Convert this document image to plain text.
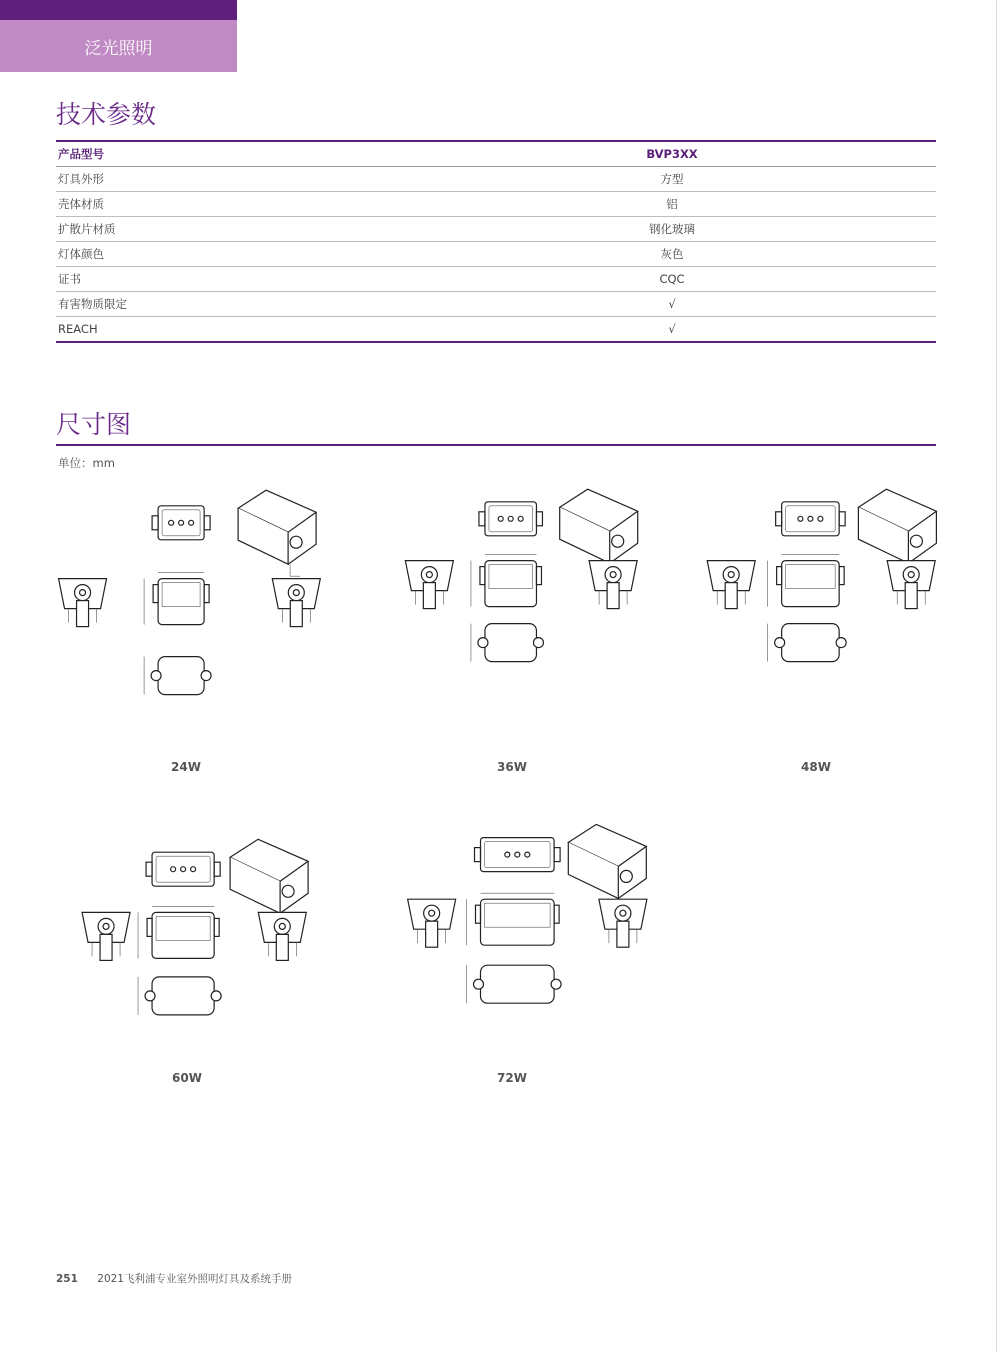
泛光照明
技术参数
产品型号	BVP3XX
灯具外形	方型
壳体材质	铝
扩散片材质	钢化玻璃
灯体颜色	灰色
证书	CQC
有害物质限定	√
REACH	√
尺寸图
单位：mm
24W	36W	48W
60W	72W
251 2021飞利浦专业室外照明灯具及系统手册
